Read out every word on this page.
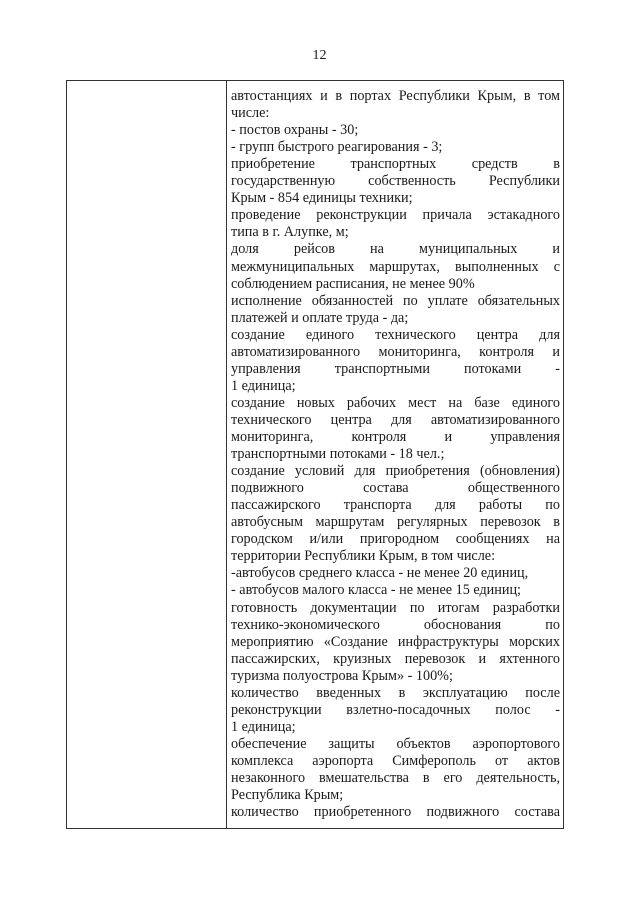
12
автостанциях и в портах Республики Крым, в том
числе:
- постов охраны - 30;
- групп быстрого реагирования - 3;
приобретение транспортных средств в
государственную собственность Республики
Крым - 854 единицы техники;
проведение реконструкции причала эстакадного
типа в г. Алупке, м;
доля рейсов на муниципальных и
межмуниципальных маршрутах, выполненных с
соблюдением расписания, не менее 90%
исполнение обязанностей по уплате обязательных
платежей и оплате труда - да;
создание единого технического центра для
автоматизированного мониторинга, контроля и
управления транспортными потоками -
1 единица;
создание новых рабочих мест на базе единого
технического центра для автоматизированного
мониторинга, контроля и управления
транспортными потоками - 18 чел.;
создание условий для приобретения (обновления)
подвижного состава общественного
пассажирского транспорта для работы по
автобусным маршрутам регулярных перевозок в
городском и/или пригородном сообщениях на
территории Республики Крым, в том числе:
-автобусов среднего класса - не менее 20 единиц,
- автобусов малого класса - не менее 15 единиц;
готовность документации по итогам разработки
технико-экономического обоснования по
мероприятию «Создание инфраструктуры морских
пассажирских, круизных перевозок и яхтенного
туризма полуострова Крым» - 100%;
количество введенных в эксплуатацию после
реконструкции взлетно-посадочных полос -
1 единица;
обеспечение защиты объектов аэропортового
комплекса аэропорта Симферополь от актов
незаконного вмешательства в его деятельность,
Республика Крым;
количество приобретенного подвижного состава
